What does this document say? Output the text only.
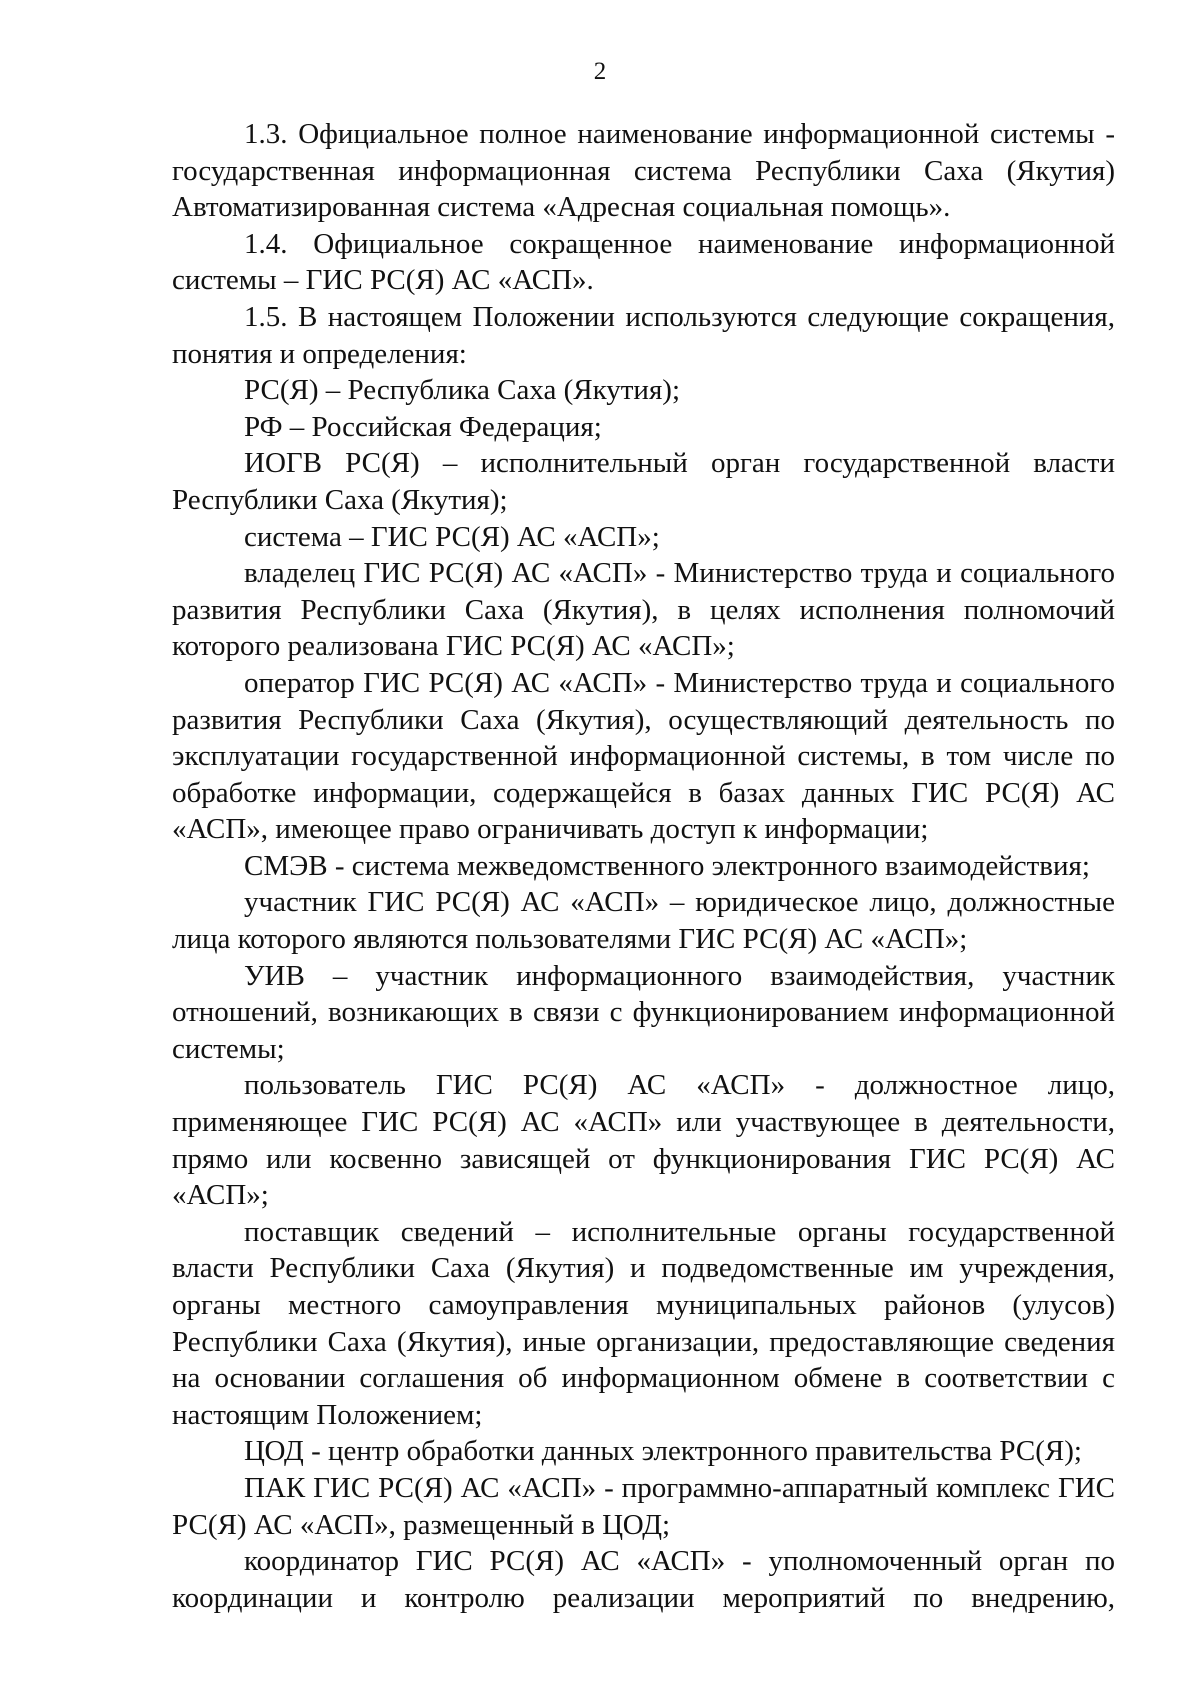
2

1.3. Официальное полное наименование информационной системы - государственная информационная система Республики Саха (Якутия) Автоматизированная система «Адресная социальная помощь».

1.4. Официальное сокращенное наименование информационной системы – ГИС РС(Я) АС «АСП».

1.5. В настоящем Положении используются следующие сокращения, понятия и определения:

РС(Я) – Республика Саха (Якутия);

РФ – Российская Федерация;

ИОГВ РС(Я) – исполнительный орган государственной власти Республики Саха (Якутия);

система – ГИС РС(Я) АС «АСП»;

владелец ГИС РС(Я) АС «АСП» - Министерство труда и социального развития Республики Саха (Якутия), в целях исполнения полномочий которого реализована ГИС РС(Я) АС «АСП»;

оператор ГИС РС(Я) АС «АСП» - Министерство труда и социального развития Республики Саха (Якутия), осуществляющий деятельность по эксплуатации государственной информационной системы, в том числе по обработке информации, содержащейся в базах данных ГИС РС(Я) АС «АСП», имеющее право ограничивать доступ к информации;

СМЭВ - система межведомственного электронного взаимодействия;

участник ГИС РС(Я) АС «АСП» – юридическое лицо, должностные лица которого являются пользователями ГИС РС(Я) АС «АСП»;

УИВ – участник информационного взаимодействия, участник отношений, возникающих в связи с функционированием информационной системы;

пользователь ГИС РС(Я) АС «АСП» - должностное лицо, применяющее ГИС РС(Я) АС «АСП» или участвующее в деятельности, прямо или косвенно зависящей от функционирования ГИС РС(Я) АС «АСП»;

поставщик сведений – исполнительные органы государственной власти Республики Саха (Якутия) и подведомственные им учреждения, органы местного самоуправления муниципальных районов (улусов) Республики Саха (Якутия), иные организации, предоставляющие сведения на основании соглашения об информационном обмене в соответствии с настоящим Положением;

ЦОД - центр обработки данных электронного правительства РС(Я);

ПАК ГИС РС(Я) АС «АСП» - программно-аппаратный комплекс ГИС РС(Я) АС «АСП», размещенный в ЦОД;

координатор ГИС РС(Я) АС «АСП» - уполномоченный орган по координации и контролю реализации мероприятий по внедрению,
